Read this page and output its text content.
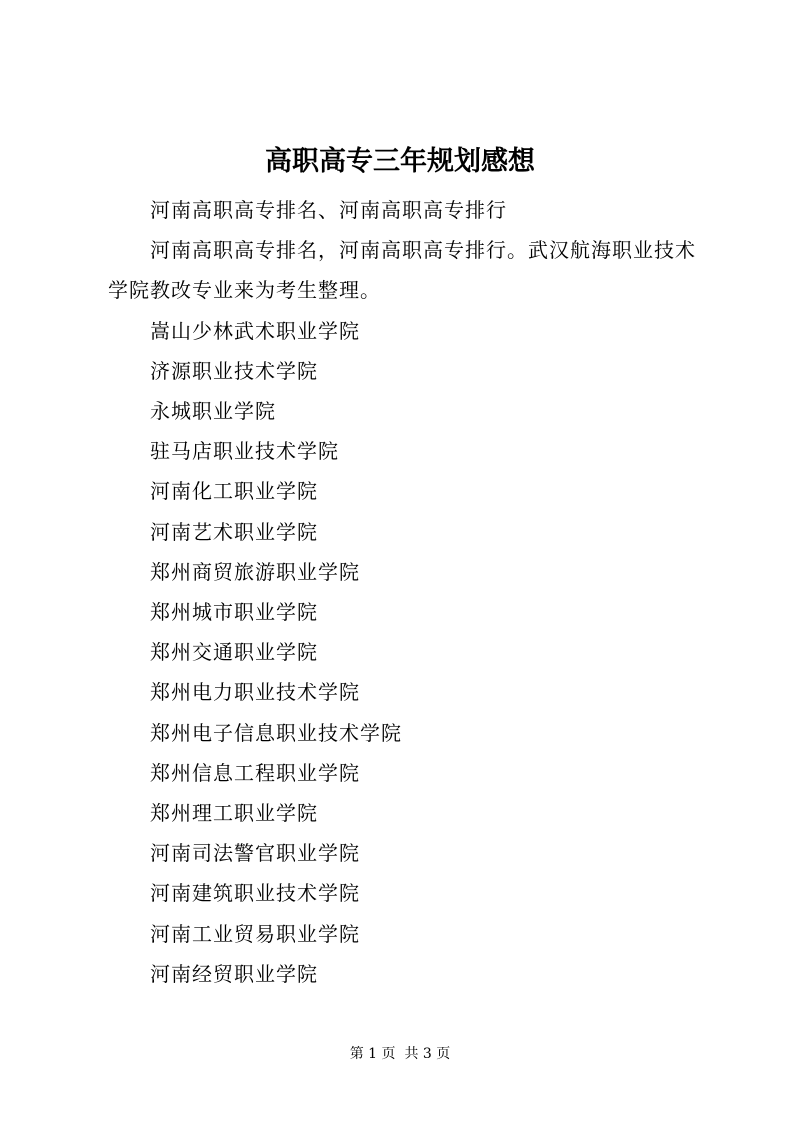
高职高专三年规划感想

河南高职高专排名、河南高职高专排行

河南高职高专排名，河南高职高专排行。武汉航海职业技术学院教改专业来为考生整理。

嵩山少林武术职业学院
济源职业技术学院
永城职业学院
驻马店职业技术学院
河南化工职业学院
河南艺术职业学院
郑州商贸旅游职业学院
郑州城市职业学院
郑州交通职业学院
郑州电力职业技术学院
郑州电子信息职业技术学院
郑州信息工程职业学院
郑州理工职业学院
河南司法警官职业学院
河南建筑职业技术学院
河南工业贸易职业学院
河南经贸职业学院
第 1 页 共 3 页
